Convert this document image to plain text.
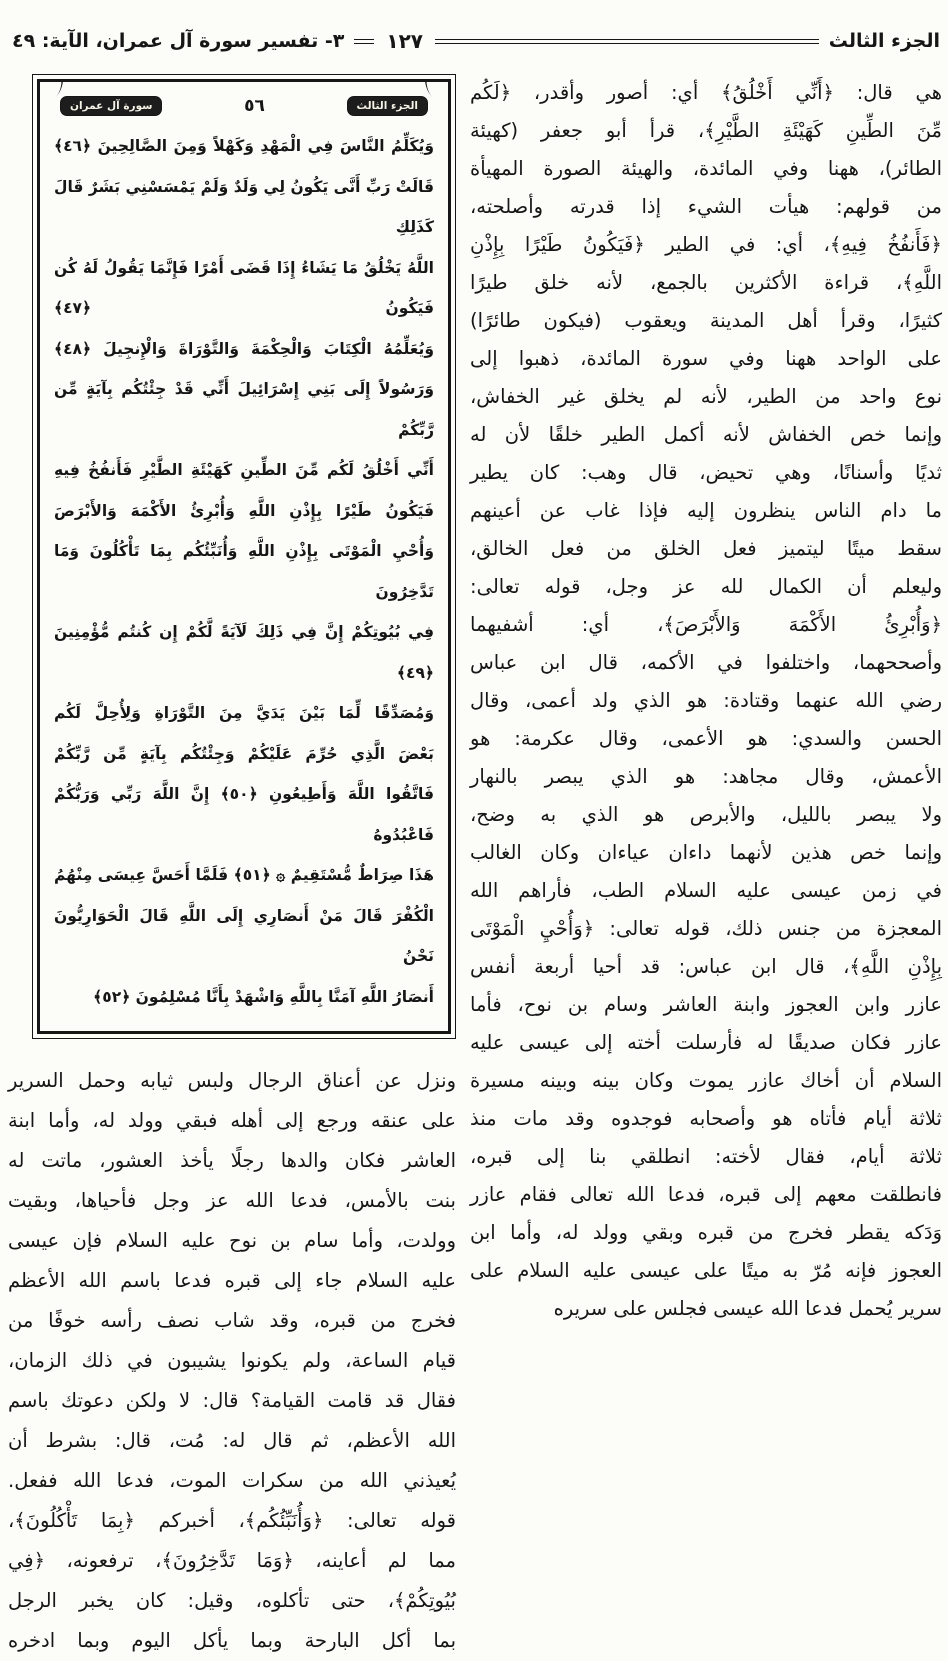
الجزء الثالث
١٢٧
٣- تفسير سورة آل عمران، الآية: ٤٩
هي قال: ﴿أَنِّي أَخْلُقُ﴾ أي: أصور وأقدر، ﴿لَكُم
مِّنَ الطِّينِ كَهَيْئَةِ الطَّيْرِ﴾، قرأ أبو جعفر (كهيئة
الطائر)، ههنا وفي المائدة، والهيئة الصورة المهيأة
من قولهم: هيأت الشيء إذا قدرته وأصلحته،
﴿فَأَنفُخُ فِيهِ﴾، أي: في الطير ﴿فَيَكُونُ طَيْرًا بِإِذْنِ
اللَّهِ﴾، قراءة الأكثرين بالجمع، لأنه خلق طيرًا
كثيرًا، وقرأ أهل المدينة ويعقوب (فيكون طائرًا)
على الواحد ههنا وفي سورة المائدة، ذهبوا إلى
نوع واحد من الطير، لأنه لم يخلق غير الخفاش،
وإنما خص الخفاش لأنه أكمل الطير خلقًا لأن له
ثديًا وأسنانًا، وهي تحيض، قال وهب: كان يطير
ما دام الناس ينظرون إليه فإذا غاب عن أعينهم
سقط ميتًا ليتميز فعل الخلق من فعل الخالق،
وليعلم أن الكمال لله عز وجل، قوله تعالى:
﴿وَأُبْرِئُ الأَكْمَهَ وَالأَبْرَصَ﴾، أي: أشفيهما
وأصححهما، واختلفوا في الأكمه، قال ابن عباس
رضي الله عنهما وقتادة: هو الذي ولد أعمى، وقال
الحسن والسدي: هو الأعمى، وقال عكرمة: هو
الأعمش، وقال مجاهد: هو الذي يبصر بالنهار
ولا يبصر بالليل، والأبرص هو الذي به وضح،
وإنما خص هذين لأنهما داءان عياءان وكان الغالب
في زمن عيسى عليه السلام الطب، فأراهم الله
المعجزة من جنس ذلك، قوله تعالى: ﴿وَأُحْيِ الْمَوْتَى
بِإِذْنِ اللَّهِ﴾، قال ابن عباس: قد أحيا أربعة أنفس
عازر وابن العجوز وابنة العاشر وسام بن نوح، فأما
عازر فكان صديقًا له فأرسلت أخته إلى عيسى عليه
السلام أن أخاك عازر يموت وكان بينه وبينه مسيرة
ثلاثة أيام فأتاه هو وأصحابه فوجدوه وقد مات منذ
ثلاثة أيام، فقال لأخته: انطلقي بنا إلى قبره،
فانطلقت معهم إلى قبره، فدعا الله تعالى فقام عازر
وَدَكه يقطر فخرج من قبره وبقي وولد له، وأما ابن
العجوز فإنه مُرّ به ميتًا على عيسى عليه السلام على
سرير يُحمل فدعا الله عيسى فجلس على سريره
الجزء الثالث
٥٦
سورة آل عمران
وَيُكَلِّمُ النَّاسَ فِي الْمَهْدِ وَكَهْلاً وَمِنَ الصَّالِحِينَ ﴿٤٦﴾
قَالَتْ رَبِّ أَنَّى يَكُونُ لِي وَلَدٌ وَلَمْ يَمْسَسْنِي بَشَرٌ قَالَ كَذَلِكِ
اللَّهُ يَخْلُقُ مَا يَشَاءُ إِذَا قَضَى أَمْرًا فَإِنَّمَا يَقُولُ لَهُ كُن فَيَكُونُ ﴿٤٧﴾
وَيُعَلِّمُهُ الْكِتَابَ وَالْحِكْمَةَ وَالتَّوْرَاةَ وَالْإِنجِيلَ ﴿٤٨﴾
وَرَسُولاً إِلَى بَنِي إِسْرَائِيلَ أَنِّي قَدْ جِئْتُكُم بِآيَةٍ مِّن رَّبِّكُمْ
أَنِّي أَخْلُقُ لَكُم مِّنَ الطِّينِ كَهَيْئَةِ الطَّيْرِ فَأَنفُخُ فِيهِ
فَيَكُونُ طَيْرًا بِإِذْنِ اللَّهِ وَأُبْرِئُ الأَكْمَهَ وَالأَبْرَصَ
وَأُحْيِ الْمَوْتَى بِإِذْنِ اللَّهِ وَأُنَبِّئُكُم بِمَا تَأْكُلُونَ وَمَا تَدَّخِرُونَ
فِي بُيُوتِكُمْ إِنَّ فِي ذَلِكَ لَآيَةً لَّكُمْ إِن كُنتُم مُّؤْمِنِينَ ﴿٤٩﴾
وَمُصَدِّقًا لِّمَا بَيْنَ يَدَيَّ مِنَ التَّوْرَاةِ وَلِأُحِلَّ لَكُم
بَعْضَ الَّذِي حُرِّمَ عَلَيْكُمْ وَجِئْتُكُم بِآيَةٍ مِّن رَّبِّكُمْ
فَاتَّقُوا اللَّهَ وَأَطِيعُونِ ﴿٥٠﴾ إِنَّ اللَّهَ رَبِّي وَرَبُّكُمْ فَاعْبُدُوهُ
هَذَا صِرَاطٌ مُّسْتَقِيمٌ ۞ ﴿٥١﴾ فَلَمَّا أَحَسَّ عِيسَى مِنْهُمُ
الْكُفْرَ قَالَ مَنْ أَنصَارِي إِلَى اللَّهِ قَالَ الْحَوَارِيُّونَ نَحْنُ
أَنصَارُ اللَّهِ آمَنَّا بِاللَّهِ وَاشْهَدْ بِأَنَّا مُسْلِمُونَ ﴿٥٢﴾
ونزل عن أعناق الرجال ولبس ثيابه وحمل السرير
على عنقه ورجع إلى أهله فبقي وولد له، وأما ابنة
العاشر فكان والدها رجلًا يأخذ العشور، ماتت له
بنت بالأمس، فدعا الله عز وجل فأحياها، وبقيت
وولدت، وأما سام بن نوح عليه السلام فإن عيسى
عليه السلام جاء إلى قبره فدعا باسم الله الأعظم
فخرج من قبره، وقد شاب نصف رأسه خوفًا من
قيام الساعة، ولم يكونوا يشيبون في ذلك الزمان،
فقال قد قامت القيامة؟ قال: لا ولكن دعوتك باسم
الله الأعظم، ثم قال له: مُت، قال: بشرط أن
يُعيذني الله من سكرات الموت، فدعا الله ففعل.
قوله تعالى: ﴿وَأُنَبِّئُكُم﴾، أخبركم ﴿بِمَا تَأْكُلُونَ﴾،
مما لم أعاينه، ﴿وَمَا تَدَّخِرُونَ﴾، ترفعونه، ﴿فِي
بُيُوتِكُمْ﴾، حتى تأكلوه، وقيل: كان يخبر الرجل
بما أكل البارحة وبما يأكل اليوم وبما ادخره
